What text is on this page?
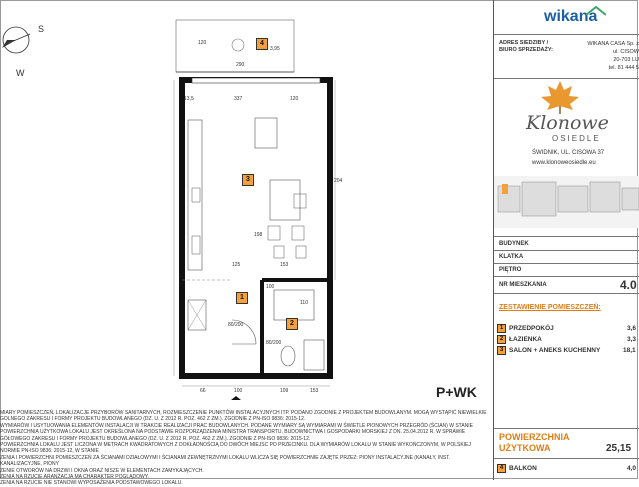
S
W
4
3
1
2
120
290
3,95
13,5	337	120
125	153
100
198
204
110
80/200
80/200
66	100	109	153	P+WK
MIARY POMIESZCZEŃ, LOKALIZACJE PRZYBORÓW SANITARNYCH, ROZMIESZCZENIE PUNKTÓW INSTALACYJNYCH ITP. PODANO ZGODNIE Z PROJEKTEM BUDOWLANYM. MOGĄ WYSTĄPIĆ NIEWIELKIE
GOLNEGO ZAKRESU I FORMY PROJEKTU BUDOWLANEGO (DZ. U. Z 2012 R. POZ. 462 Z ZM.). ZGODNIE Z PN-ISO 9836: 2015-12.
WYMIARÓW I USYTUOWANIA ELEMENTÓW INSTALACJI W TRAKCIE REALIZACJI PRAC BUDOWLANYCH. PODANE WYMIARY SĄ WYMIARAMI W ŚWIETLE PIONOWYCH PRZEGRÓD (ŚCIAN) W STANIE
POWIERZCHNIA UŻYTKOWA LOKALU JEST OKREŚLONA NA PODSTAWIE ROZPORZĄDZENIA MINISTRA TRANSPORTU, BUDOWNICTWA I GOSPODARKI MORSKIEJ Z DN. 25.04.2012 R. W SPRAWIE
GÓŁOWEGO ZAKRESU I FORMY PROJEKTU BUDOWLANEGO (DZ. U. Z 2012 R. POZ. 462 Z ZM.). ZGODNIE Z PN-ISO 9836: 2015-12.
POWIERZCHNIA LOKALU JEST LICZONA W METRACH KWADRATOWYCH Z DOKŁADNOŚCIĄ DO DWÓCH MIEJSC PO PRZECINKU. DLA WYMIARÓW LOKALU W STANIE WYKOŃCZONYM, W POLSKIEJ NORMIE PN-ISO 9836: 2015-12, W STANIE
ZENIA I POWIERZCHNI POMIESZCZEŃ ZA ŚCIANAMI DZIAŁOWYMI I ŚCIANAMI ZEWNĘTRZNYMI LOKALU WLICZA SIĘ POWIERZCHNIE ZAJĘTE PRZEZ: PIONY INSTALACYJNE (KANAŁY, INST. KANALIZACYJNE, PIONY
ZENIE OTWORÓW NA DRZWI I OKNA ORAZ NISZE W ELEMENTACH ZAMYKAJĄCYCH.
ZENIA NA RZUCIE ARANŻACJA MA CHARAKTER POGLĄDOWY.
ZENIA NA RZUCIE NIE STANOWI WYPOSAŻENIA PODSTAWOWEGO LOKALU.
wikana
ADRES SIEDZIBY /
BIURO SPRZEDAŻY:
WIKANA CASA Sp. z
ul. CISOW
20-703 LU
tel. 81 444 5
Klonowe
OSIEDLE
ŚWIDNIK, UL. CISOWA 37
www.klonoweosiedle.eu
BUDYNEK
KLATKA
PIĘTRO
NR MIESZKANIA	4.0
ZESTAWIENIE POMIESZCZEŃ:
1 PRZEDPOKÓJ	3,6
2 ŁAZIENKA	3,3
3 SALON + ANEKS KUCHENNY	18,1
POWIERZCHNIA
UŻYTKOWA	25,15
4 BALKON	4,0
